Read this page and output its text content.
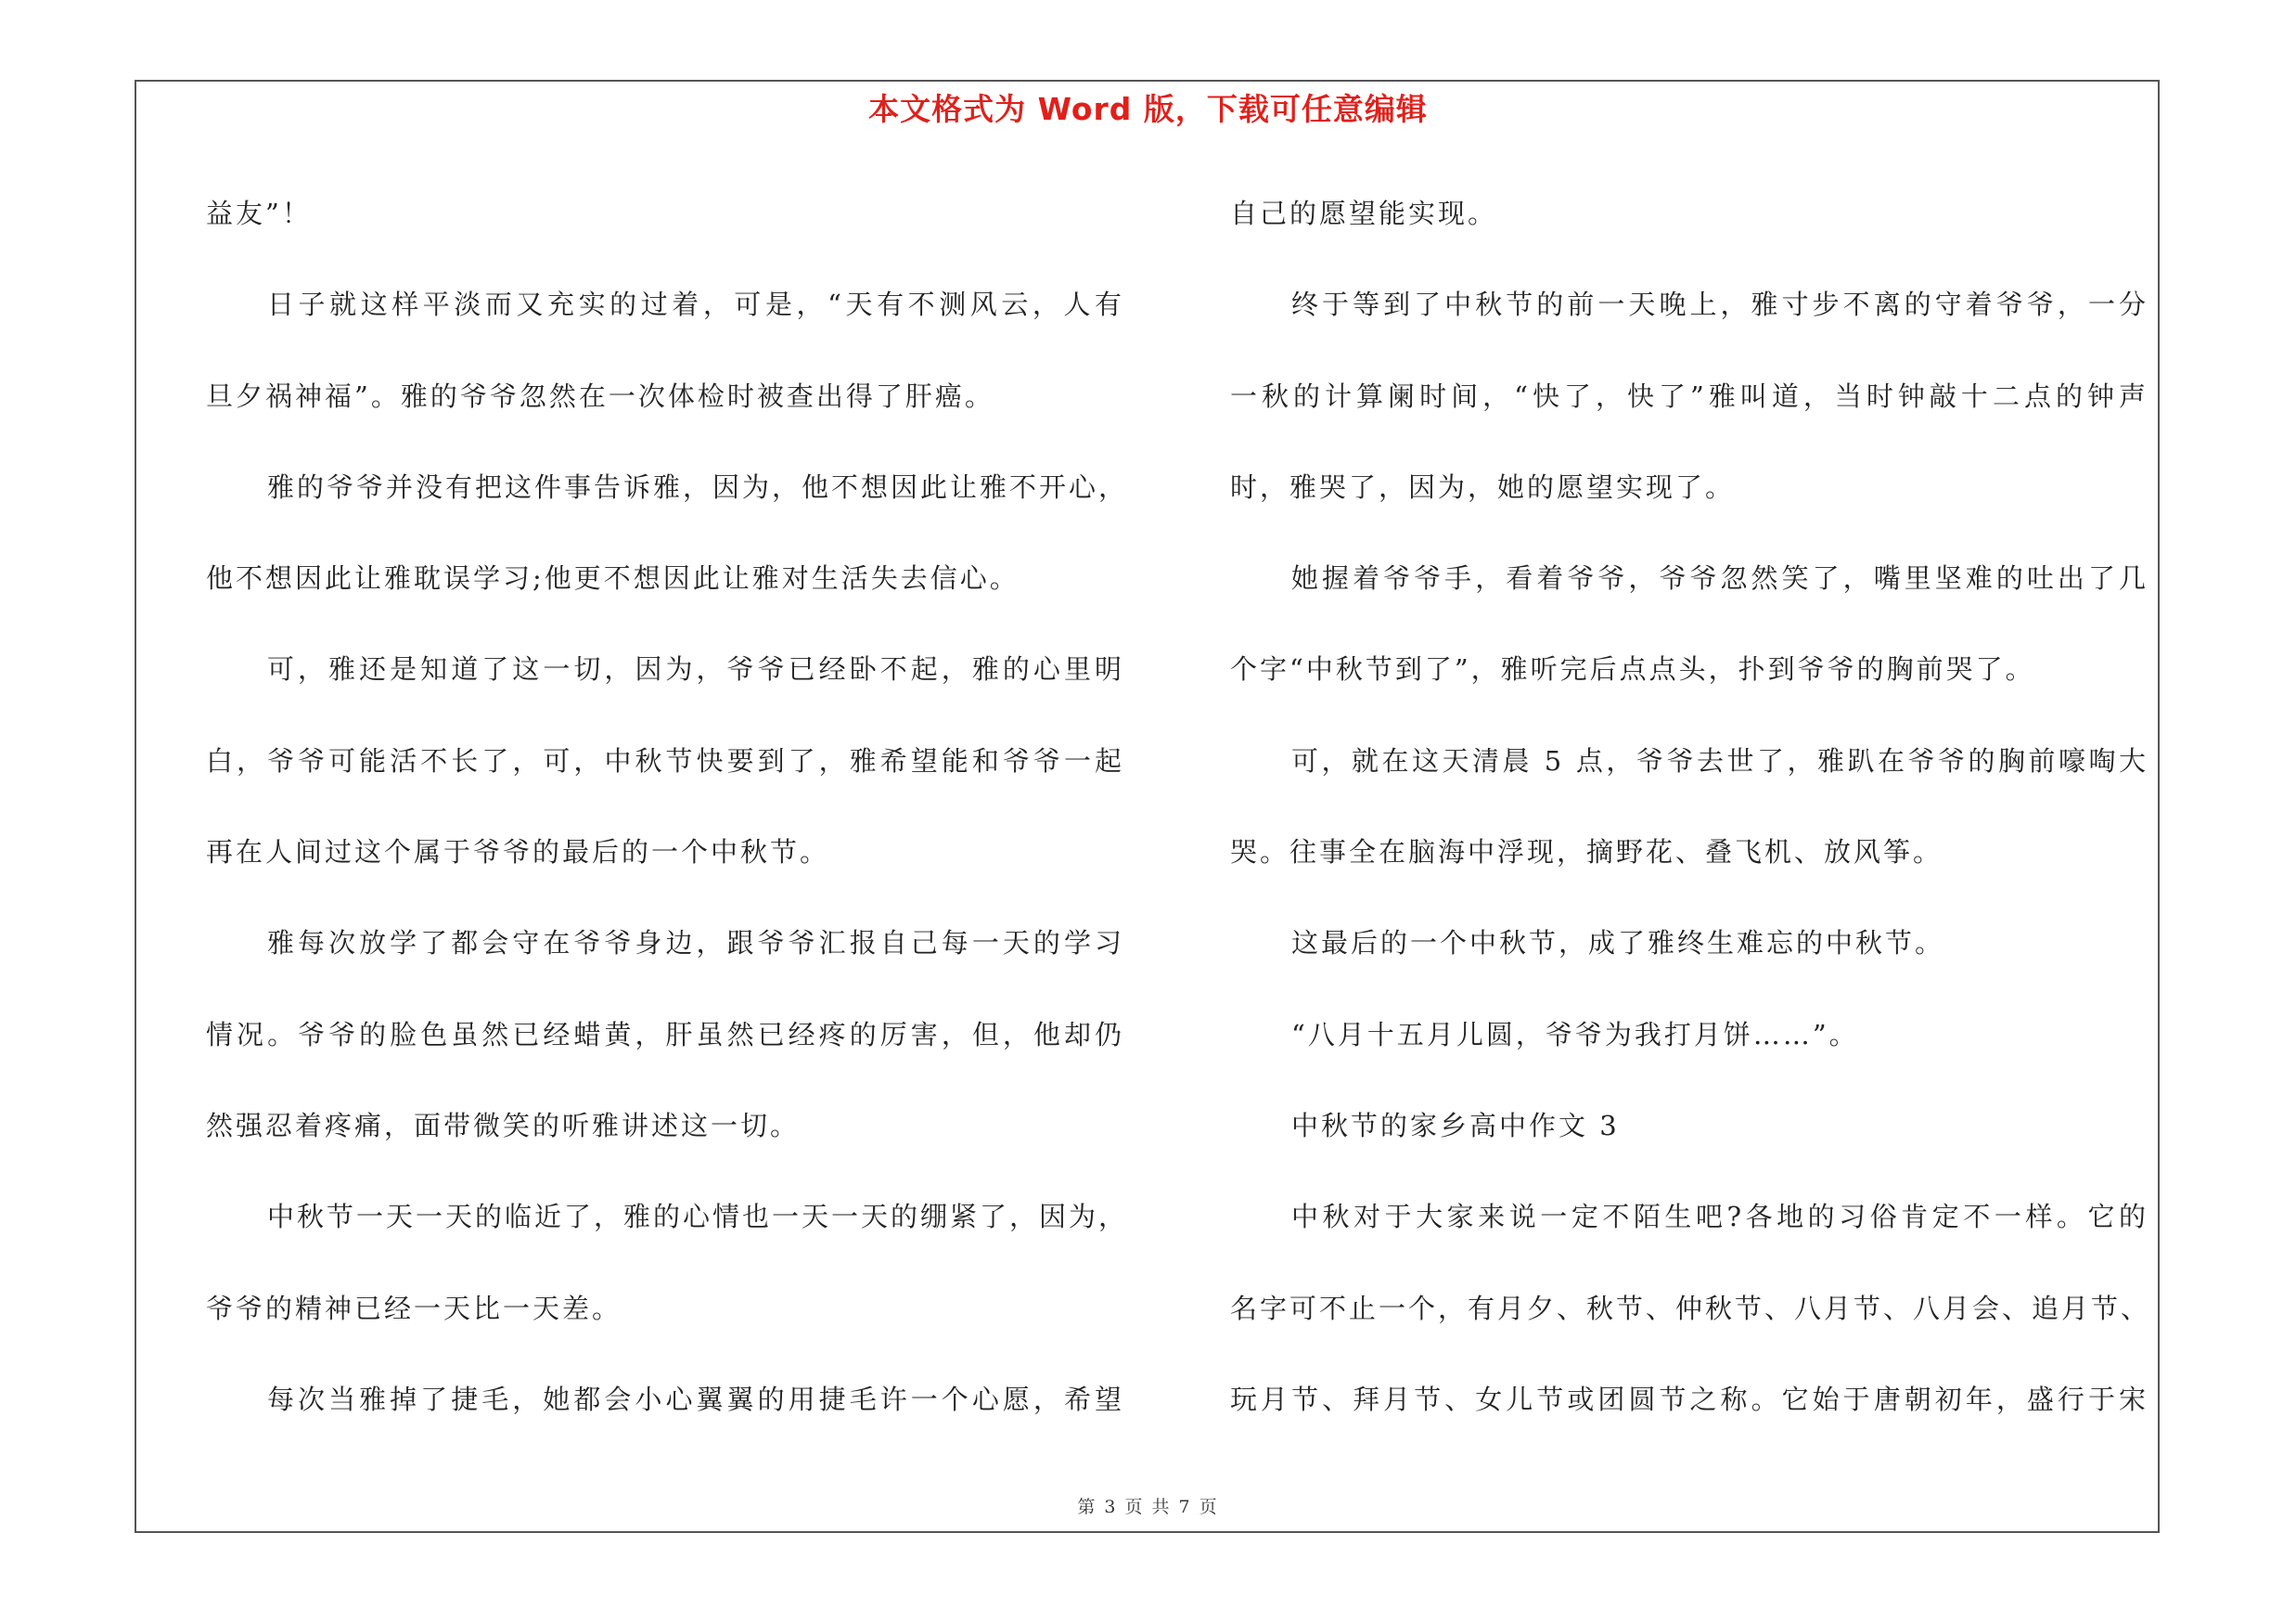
本文格式为 Word 版，下载可任意编辑
益友”！
日子就这样平淡而又充实的过着，可是，“天有不测风云，人有
旦夕祸神福”。雅的爷爷忽然在一次体检时被查出得了肝癌。
雅的爷爷并没有把这件事告诉雅，因为，他不想因此让雅不开心，
他不想因此让雅耽误学习;他更不想因此让雅对生活失去信心。
可，雅还是知道了这一切，因为，爷爷已经卧不起，雅的心里明
白，爷爷可能活不长了，可，中秋节快要到了，雅希望能和爷爷一起
再在人间过这个属于爷爷的最后的一个中秋节。
雅每次放学了都会守在爷爷身边，跟爷爷汇报自己每一天的学习
情况。爷爷的脸色虽然已经蜡黄，肝虽然已经疼的厉害，但，他却仍
然强忍着疼痛，面带微笑的听雅讲述这一切。
中秋节一天一天的临近了，雅的心情也一天一天的绷紧了，因为，
爷爷的精神已经一天比一天差。
每次当雅掉了捷毛，她都会小心翼翼的用捷毛许一个心愿，希望
自己的愿望能实现。
终于等到了中秋节的前一天晚上，雅寸步不离的守着爷爷，一分
一秋的计算阑时间，“快了，快了”雅叫道，当时钟敲十二点的钟声
时，雅哭了，因为，她的愿望实现了。
她握着爷爷手，看着爷爷，爷爷忽然笑了，嘴里坚难的吐出了几
个字“中秋节到了”，雅听完后点点头，扑到爷爷的胸前哭了。
可，就在这天清晨 5 点，爷爷去世了，雅趴在爷爷的胸前嚎啕大
哭。往事全在脑海中浮现，摘野花、叠飞机、放风筝。
这最后的一个中秋节，成了雅终生难忘的中秋节。
“八月十五月儿圆，爷爷为我打月饼……”。
中秋节的家乡高中作文 3
中秋对于大家来说一定不陌生吧?各地的习俗肯定不一样。它的
名字可不止一个，有月夕、秋节、仲秋节、八月节、八月会、追月节、
玩月节、拜月节、女儿节或团圆节之称。它始于唐朝初年，盛行于宋
第 3 页 共 7 页
